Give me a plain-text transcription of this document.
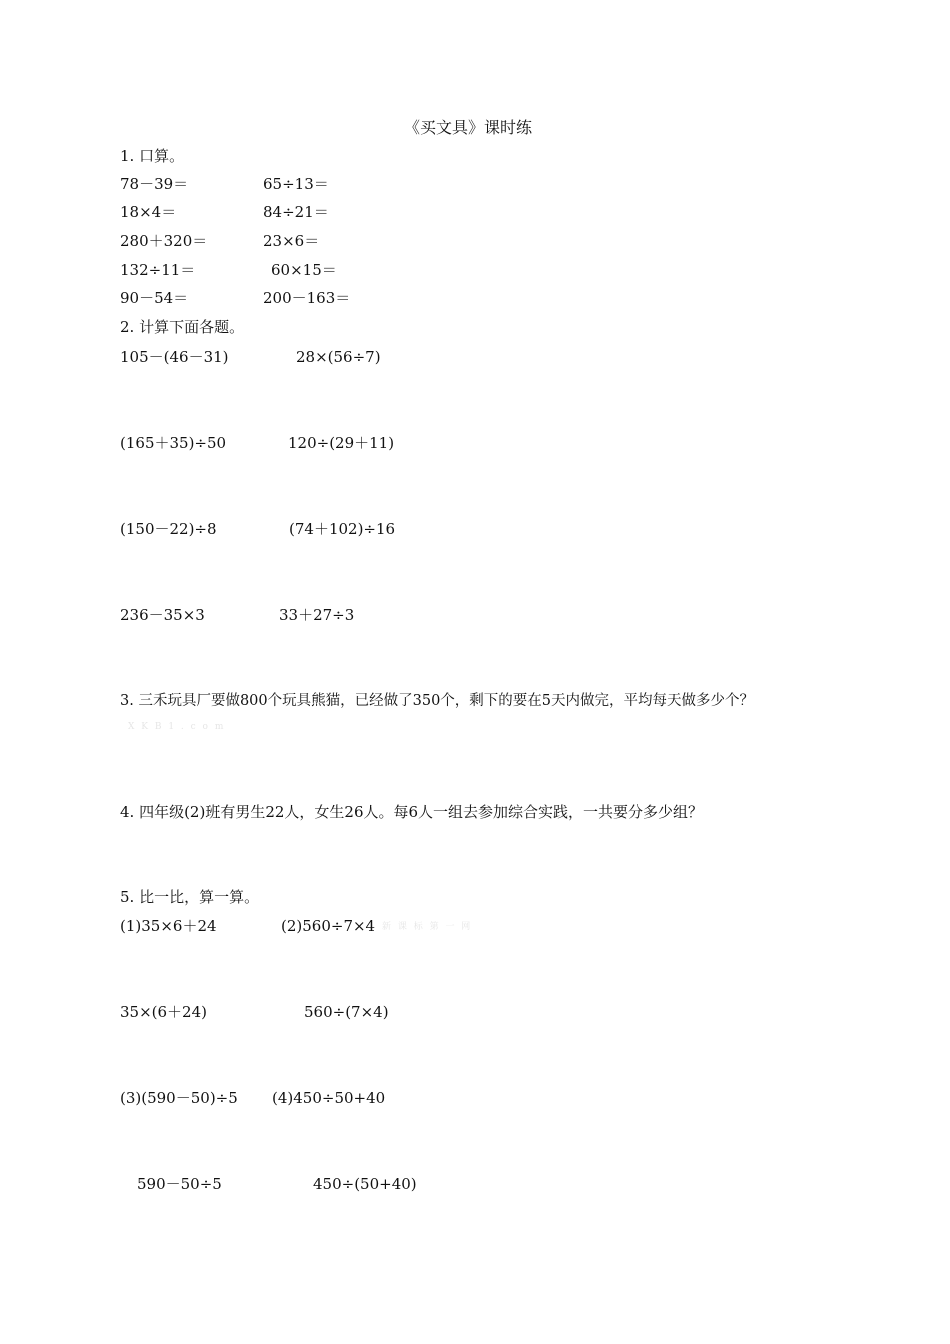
《买文具》课时练
1. 口算。
78－39＝	65÷13＝
18×4＝	84÷21＝
280＋320＝	23×6＝
132÷11＝	60×15＝
90－54＝	200－163＝
2. 计算下面各题。
105－(46－31)	28×(56÷7)
(165＋35)÷50	120÷(29＋11)
(150－22)÷8	(74＋102)÷16
236－35×3	33＋27÷3
3. 三禾玩具厂要做800个玩具熊猫，已经做了350个，剩下的要在5天内做完，平均每天做多少个？
X K B 1 . c o m
4. 四年级(2)班有男生22人，女生26人。每6人一组去参加综合实践，一共要分多少组？
5. 比一比，算一算。
(1)35×6＋24	(2)560÷7×4 新 课 标 第 一 网
35×(6＋24)	560÷(7×4)
(3)(590－50)÷5 (4)450÷50+40
590－50÷5	450÷(50+40)
